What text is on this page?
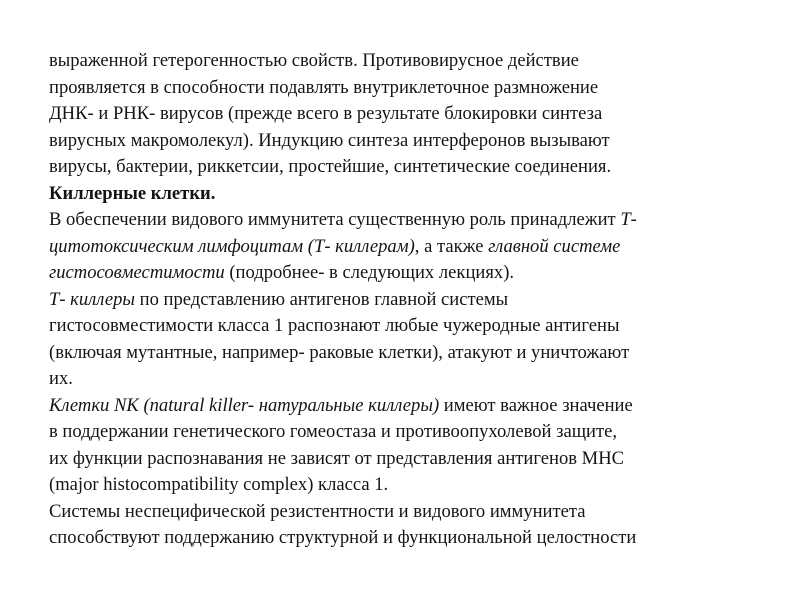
выраженной гетерогенностью свойств. Противовирусное действие
проявляется в способности подавлять внутриклеточное размножение
ДНК- и РНК- вирусов (прежде всего в результате блокировки синтеза
вирусных макромолекул). Индукцию синтеза интерферонов вызывают
вирусы, бактерии, риккетсии, простейшие, синтетические соединения.
Киллерные клетки.
В обеспечении видового иммунитета существенную роль принадлежит Т-
цитотоксическим лимфоцитам (Т- киллерам), а также главной системе
гистосовместимости (подробнее- в следующих лекциях).
Т- киллеры по представлению антигенов главной системы
гистосовместимости класса 1 распознают любые чужеродные антигены
(включая мутантные, например- раковые клетки), атакуют и уничтожают
их.
Клетки NK (natural killer- натуральные киллеры) имеют важное значение
в поддержании генетического гомеостаза и противоопухолевой защите,
их функции распознавания не зависят от представления антигенов МНС
(major histocompatibility complex) класса 1.
Системы неспецифической резистентности и видового иммунитета
способствуют поддержанию структурной и функциональной целостности
